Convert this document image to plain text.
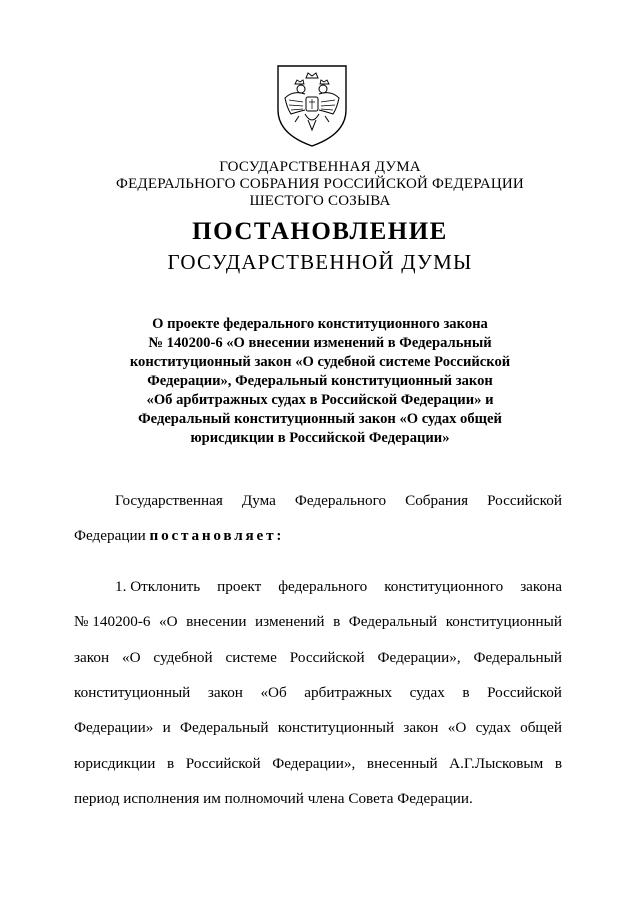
ГОСУДАРСТВЕННАЯ ДУМА
ФЕДЕРАЛЬНОГО СОБРАНИЯ РОССИЙСКОЙ ФЕДЕРАЦИИ
ШЕСТОГО СОЗЫВА
ПОСТАНОВЛЕНИЕ
ГОСУДАРСТВЕННОЙ ДУМЫ
О проекте федерального конституционного закона
№ 140200-6 «О внесении изменений в Федеральный
конституционный закон «О судебной системе Российской
Федерации», Федеральный конституционный закон
«Об арбитражных судах в Российской Федерации» и
Федеральный конституционный закон «О судах общей
юрисдикции в Российской Федерации»
Государственная Дума Федерального Собрания Российской
Федерации постановляет:
1. Отклонить проект федерального конституционного закона
№ 140200-6 «О внесении изменений в Федеральный конституционный
закон «О судебной системе Российской Федерации», Федеральный
конституционный закон «Об арбитражных судах в Российской
Федерации» и Федеральный конституционный закон «О судах общей
юрисдикции в Российской Федерации», внесенный А.Г.Лысковым в
период исполнения им полномочий члена Совета Федерации.
